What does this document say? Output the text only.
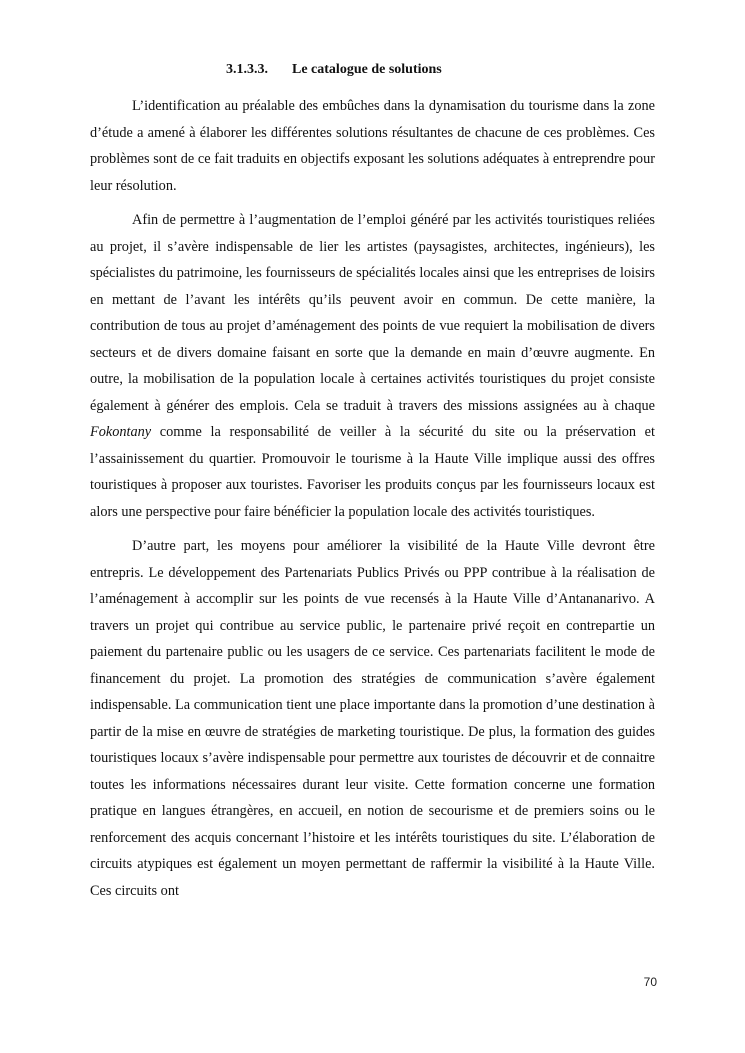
3.1.3.3. Le catalogue de solutions

L’identification au préalable des embûches dans la dynamisation du tourisme dans la zone d’étude a amené à élaborer les différentes solutions résultantes de chacune de ces problèmes. Ces problèmes sont de ce fait traduits en objectifs exposant les solutions adéquates à entreprendre pour leur résolution.

Afin de permettre à l’augmentation de l’emploi généré par les activités touristiques reliées au projet, il s’avère indispensable de lier les artistes (paysagistes, architectes, ingénieurs), les spécialistes du patrimoine, les fournisseurs de spécialités locales ainsi que les entreprises de loisirs en mettant de l’avant les intérêts qu’ils peuvent avoir en commun. De cette manière, la contribution de tous au projet d’aménagement des points de vue requiert la mobilisation de divers secteurs et de divers domaine faisant en sorte que la demande en main d’œuvre augmente. En outre, la mobilisation de la population locale à certaines activités touristiques du projet consiste également à générer des emplois. Cela se traduit à travers des missions assignées au à chaque Fokontany comme la responsabilité de veiller à la sécurité du site ou la préservation et l’assainissement du quartier. Promouvoir le tourisme à la Haute Ville implique aussi des offres touristiques à proposer aux touristes. Favoriser les produits conçus par les fournisseurs locaux est alors une perspective pour faire bénéficier la population locale des activités touristiques.

D’autre part, les moyens pour améliorer la visibilité de la Haute Ville devront être entrepris. Le développement des Partenariats Publics Privés ou PPP contribue à la réalisation de l’aménagement à accomplir sur les points de vue recensés à la Haute Ville d’Antananarivo. A travers un projet qui contribue au service public, le partenaire privé reçoit en contrepartie un paiement du partenaire public ou les usagers de ce service. Ces partenariats facilitent le mode de financement du projet. La promotion des stratégies de communication s’avère également indispensable. La communication tient une place importante dans la promotion d’une destination à partir de la mise en œuvre de stratégies de marketing touristique. De plus, la formation des guides touristiques locaux s’avère indispensable pour permettre aux touristes de découvrir et de connaitre toutes les informations nécessaires durant leur visite. Cette formation concerne une formation pratique en langues étrangères, en accueil, en notion de secourisme et de premiers soins ou le renforcement des acquis concernant l’histoire et les intérêts touristiques du site. L’élaboration de circuits atypiques est également un moyen permettant de raffermir la visibilité à la Haute Ville. Ces circuits ont

70
